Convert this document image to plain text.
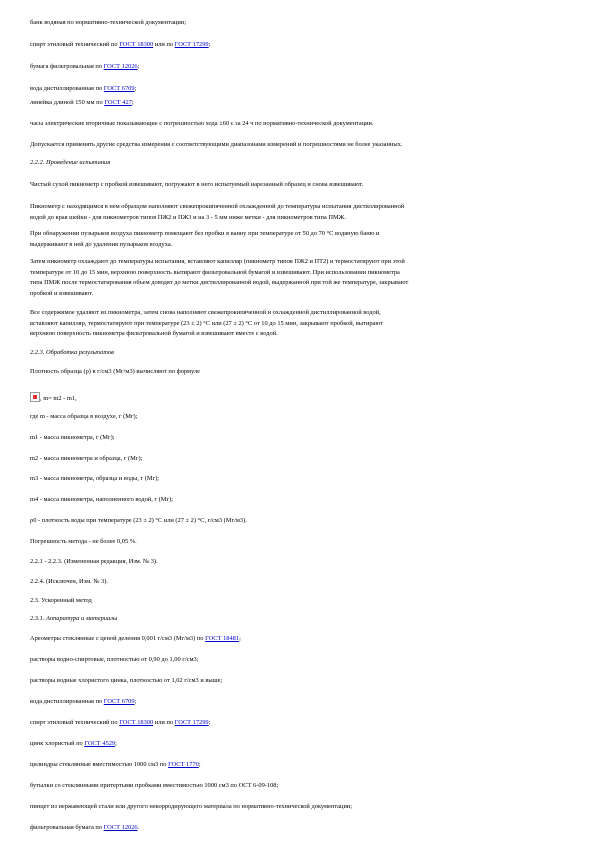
банк водяная по нормативно-технической документации;

спирт этиловый технический по ГОСТ 18300 или по ГОСТ 17299;

бумага фильтровальная по ГОСТ 12026;

вода дистиллированная по ГОСТ 6709;

линейка длиной 150 мм по ГОСТ 427;

часы электрические вторичные показывающие с погрешностью хода ±60 с за 24 ч по нормативно-технической документации.

Допускается применять другие средства измерения с соответствующими диапазонами измерений и погрешностями не более указанных.

2.2.2. Проведение испытания

Чистый сухой пикнометр с пробкой взвешивают, погружают в него испытуемый нарезанный образец и снова взвешивают.

Пикнометр с находящимся в нем образцом наполняют свежепрокипяченной охлажденной до температуры испытания дистиллированной
водой до края шейки - для пикнометров типов ПЖ2 и ПЖ3 и на 3 - 5 мм ниже метки - для пикнометров типа ПМЖ.

При обнаружении пузырьков воздуха пикнометр помещают без пробки в ванну при температуре от 50 до 70 °С водяную баню и
выдерживают в ней до удаления пузырьков воздуха.

Затем пикнометр охлаждают до температуры испытания, вставляют капилляр (пикнометр типов ПЖ2 и ПТ2) и термостатируют при этой
температуре от 10 до 15 мин, верхнюю поверхность вытирают фильтровальной бумагой и взвешивают. При использовании пикнометра
типа ПМЖ после термостатирования объем доводят до метки дистиллированной водой, выдержанной при той же температуре, закрывают
пробкой и взвешивают.

Все содержимое удаляют из пикнометра, затем снова наполняют свежепрокипяченной и охлажденной дистиллированной водой,
вставляют капилляр, термостатируют при температуре (23 ± 2) °С или (27 ± 2) °С от 10 до 15 мин, закрывают пробкой, вытирают
верхнюю поверхность пикнометра фильтровальной бумагой и взвешивают вместе с водой.

2.2.3. Обработка результатов

Плотность образца (ρ) в г/см3 (Мг/м3) вычисляют по формуле

, m= m2 - m1,

где m - масса образца в воздухе, г (Мг);

m1 - масса пикнометра, г (Мг);

m2 - масса пикнометра и образца, г (Мг);

m3 - масса пикнометра, образца и воды, г (Мг);

m4 - масса пикнометра, наполненного водой, г (Мг);

ρ0 - плотность воды при температуре (23 ± 2) °С или (27 ± 2) °С, г/см3 (Мг/м3).

Погрешность метода - не более 0,05 %.

2.2.1 - 2.2.3. (Измененная редакция, Изм. № 3).

2.2.4. (Исключен, Изм. № 3).

2.3. Ускоренный метод

2.3.1. Аппаратура и материалы

Ареометры стеклянные с ценой деления 0,001 г/см3 (Мг/м3) по ГОСТ 18481;

растворы водно-спиртовые, плотностью от 0,90 до 1,00 г/см3;

растворы водные хлористого цинка, плотностью от 1,02 г/см3 и выше;

вода дистиллированная по ГОСТ 6709;

спирт этиловый технический по ГОСТ 18300 или по ГОСТ 17299;

цинк хлористый по ГОСТ 4529;

цилиндры стеклянные вместимостью 1000 см3 по ГОСТ 1770;

бутылки со стеклянными притертыми пробками вместимостью 1000 см3 по ОСТ 6-09-108;

пинцет из нержавеющей стали или другого некорродирующего материала по нормативно-технической документации;

фильтровальная бумага по ГОСТ 12026.
